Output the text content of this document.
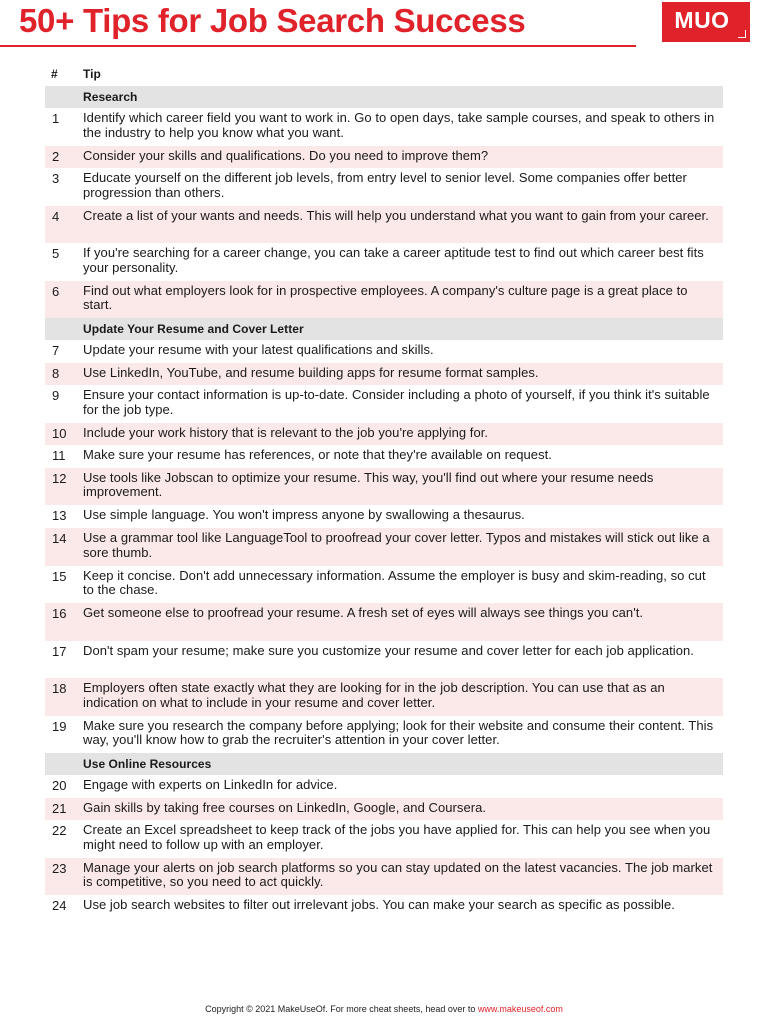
50+ Tips for Job Search Success	MUO
# Tip
Research
1 Identify which career field you want to work in. Go to open days, take sample courses, and speak to others in the industry to help you know what you want.
2 Consider your skills and qualifications. Do you need to improve them?
3 Educate yourself on the different job levels, from entry level to senior level. Some companies offer better progression than others.
4 Create a list of your wants and needs. This will help you understand what you want to gain from your career.
5 If you're searching for a career change, you can take a career aptitude test to find out which career best fits your personality.
6 Find out what employers look for in prospective employees. A company's culture page is a great place to start.
Update Your Resume and Cover Letter
7 Update your resume with your latest qualifications and skills.
8 Use LinkedIn, YouTube, and resume building apps for resume format samples.
9 Ensure your contact information is up-to-date. Consider including a photo of yourself, if you think it's suitable for the job type.
10 Include your work history that is relevant to the job you're applying for.
11 Make sure your resume has references, or note that they're available on request.
12 Use tools like Jobscan to optimize your resume. This way, you'll find out where your resume needs improvement.
13 Use simple language. You won't impress anyone by swallowing a thesaurus.
14 Use a grammar tool like LanguageTool to proofread your cover letter. Typos and mistakes will stick out like a sore thumb.
15 Keep it concise. Don't add unnecessary information. Assume the employer is busy and skim-reading, so cut to the chase.
16 Get someone else to proofread your resume. A fresh set of eyes will always see things you can't.
17 Don't spam your resume; make sure you customize your resume and cover letter for each job application.
18 Employers often state exactly what they are looking for in the job description. You can use that as an indication on what to include in your resume and cover letter.
19 Make sure you research the company before applying; look for their website and consume their content. This way, you'll know how to grab the recruiter's attention in your cover letter.
Use Online Resources
20 Engage with experts on LinkedIn for advice.
21 Gain skills by taking free courses on LinkedIn, Google, and Coursera.
22 Create an Excel spreadsheet to keep track of the jobs you have applied for. This can help you see when you might need to follow up with an employer.
23 Manage your alerts on job search platforms so you can stay updated on the latest vacancies. The job market is competitive, so you need to act quickly.
24 Use job search websites to filter out irrelevant jobs. You can make your search as specific as possible.
Copyright © 2021 MakeUseOf. For more cheat sheets, head over to www.makeuseof.com
